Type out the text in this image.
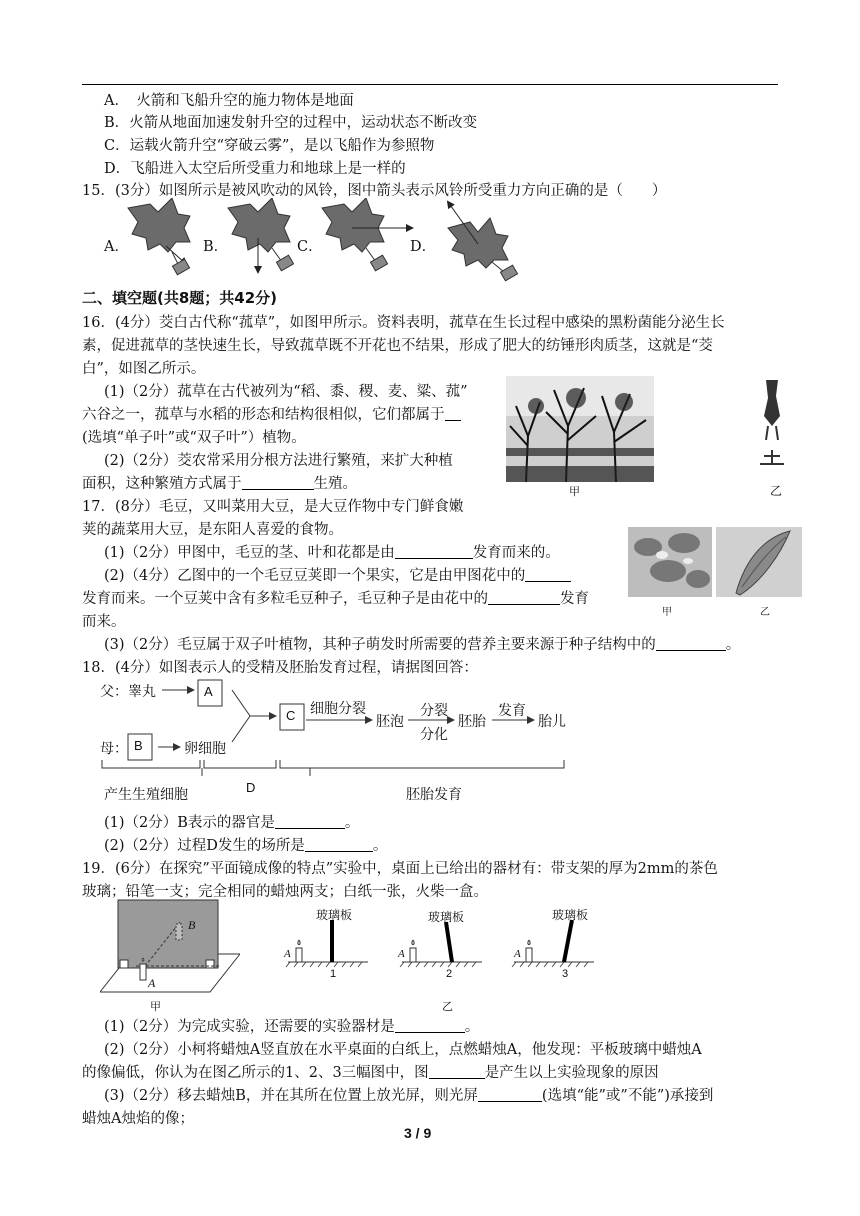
A．　火箭和飞船升空的施力物体是地面
B．火箭从地面加速发射升空的过程中，运动状态不断改变
C．运载火箭升空“穿破云雾”，是以飞船作为参照物
D．飞船进入太空后所受重力和地球上是一样的
15．(3分）如图所示是被风吹动的风铃，图中箭头表示风铃所受重力方向正确的是（　　）
A．	B．	C．	D．
二、填空题(共8题；共42分)
16．(4分）茭白古代称“菰草”，如图甲所示。资料表明，菰草在生长过程中感染的黑粉菌能分泌生长
素，促进菰草的茎快速生长，导致菰草既不开花也不结果，形成了肥大的纺锤形肉质茎，这就是“茭
白”，如图乙所示。
(1)（2分）菰草在古代被列为“稻、黍、稷、麦、粱、菰”
六谷之一，菰草与水稻的形态和结构很相似，它们都属于
(选填“单子叶”或“双子叶”）植物。
(2)（2分）茭农常采用分根方法进行繁殖，来扩大种植
面积，这种繁殖方式属于	生殖。	甲	乙
17．(8分）毛豆，又叫菜用大豆，是大豆作物中专门鲜食嫩
荚的蔬菜用大豆，是东阳人喜爱的食物。
(1)（2分）甲图中，毛豆的茎、叶和花都是由	发育而来的。
(2)（4分）乙图中的一个毛豆豆荚即一个果实，它是由甲图花中的
发育而来。一个豆荚中含有多粒毛豆种子，毛豆种子是由花中的	发育
而来。
(3)（2分）毛豆属于双子叶植物，其种子萌发时所需要的营养主要来源于种子结构中的	。
甲	乙
18．(4分）如图表示人的受精及胚胎发育过程，请据图回答：
父：睾丸	A
母： B	卵细胞
C 细胞分裂
胚泡
分裂
分化
胚胎
发育
胎儿
产生生殖细胞	D	胚胎发育
(1)（2分）B表示的器官是	。
(2)（2分）过程D发生的场所是	。
19．(6分）在探究”平面镜成像的特点”实验中，桌面上已给出的器材有：带支架的厚为2mm的茶色
玻璃；铅笔一支；完全相同的蜡烛两支；白纸一张，火柴一盒。
B
A
甲
玻璃板	玻璃板	玻璃板
A	A	A
1	2	3
乙
(1)（2分）为完成实验，还需要的实验器材是	。
(2)（2分）小柯将蜡烛A竖直放在水平桌面的白纸上，点燃蜡烛A，他发现：平板玻璃中蜡烛A
的像偏低，你认为在图乙所示的1、2、3三幅图中，图	是产生以上实验现象的原因
(3)（2分）移去蜡烛B，并在其所在位置上放光屏，则光屏	(选填“能”或”不能”)承接到
蜡烛A烛焰的像；
3 / 9
